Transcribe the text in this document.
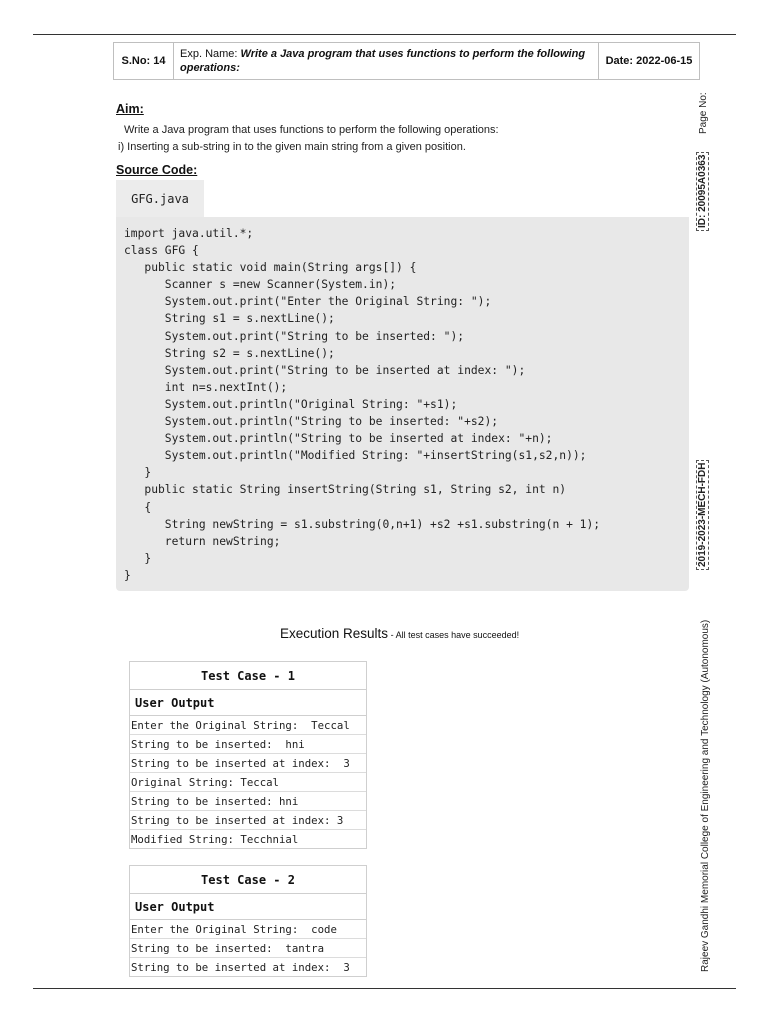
S.No: 14
Exp. Name: Write a Java program that uses functions to perform the following operations:
Date: 2022-06-15
Aim:
Write a Java program that uses functions to perform the following operations:
i) Inserting a sub-string in to the given main string from a given position.
Source Code:
GFG.java
import java.util.*;
class GFG {
public static void main(String args[]) {
Scanner s =new Scanner(System.in);
System.out.print("Enter the Original String: ");
String s1 = s.nextLine();
System.out.print("String to be inserted: ");
String s2 = s.nextLine();
System.out.print("String to be inserted at index: ");
int n=s.nextInt();
System.out.println("Original String: "+s1);
System.out.println("String to be inserted: "+s2);
System.out.println("String to be inserted at index: "+n);
System.out.println("Modified String: "+insertString(s1,s2,n));
}
public static String insertString(String s1, String s2, int n)
{
String newString = s1.substring(0,n+1) +s2 +s1.substring(n + 1);
return newString;
}
}
Execution Results - All test cases have succeeded!
Test Case - 1
User Output
Enter the Original String:  Teccal
String to be inserted:  hni
String to be inserted at index:  3
Original String: Teccal
String to be inserted: hni
String to be inserted at index: 3
Modified String: Tecchnial
Test Case - 2
User Output
Enter the Original String:  code
String to be inserted:  tantra
String to be inserted at index:  3
Page No:
ID: 20095A0363
2019-2023-MECH-FDH
Rajeev Gandhi Memorial College of Engineering and Technology (Autonomous)
